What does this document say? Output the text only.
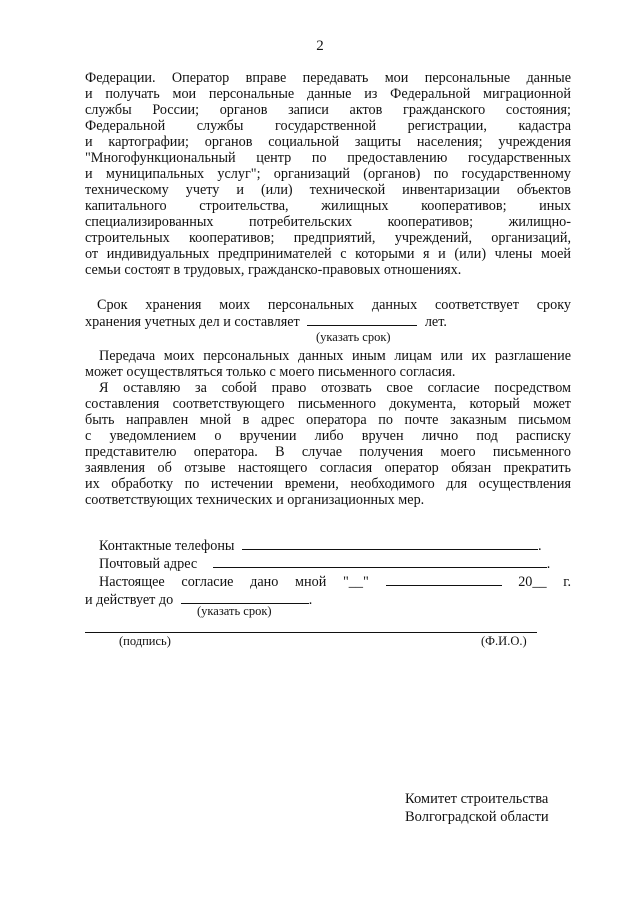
2
Федерации. Оператор вправе передавать мои персональные данные
и получать мои персональные данные из Федеральной миграционной
службы России; органов записи актов гражданского состояния;
Федеральной службы государственной регистрации, кадастра
и картографии; органов социальной защиты населения; учреждения
"Многофункциональный центр по предоставлению государственных
и муниципальных услуг"; организаций (органов) по государственному
техническому учету и (или) технической инвентаризации объектов
капитального строительства, жилищных кооперативов; иных
специализированных потребительских кооперативов; жилищно-
строительных кооперативов; предприятий, учреждений, организаций,
от индивидуальных предпринимателей с которыми я и (или) члены моей
семьи состоят в трудовых, гражданско-правовых отношениях.
Срок хранения моих персональных данных соответствует сроку
хранения учетных дел и составляет	лет.
(указать срок)
Передача моих персональных данных иным лицам или их разглашение
может осуществляться только с моего письменного согласия.
Я оставляю за собой право отозвать свое согласие посредством
составления соответствующего письменного документа, который может
быть направлен мной в адрес оператора по почте заказным письмом
с уведомлением о вручении либо вручен лично под расписку
представителю оператора. В случае получения моего письменного
заявления об отзыве настоящего согласия оператор обязан прекратить
их обработку по истечении времени, необходимого для осуществления
соответствующих технических и организационных мер.
Контактные телефоны	.
Почтовый адрес	.
Настоящее согласие дано мной "__"	20__ г.
и действует до	.
(указать срок)
(подпись)	(Ф.И.О.)
Комитет строительства
Волгоградской области
